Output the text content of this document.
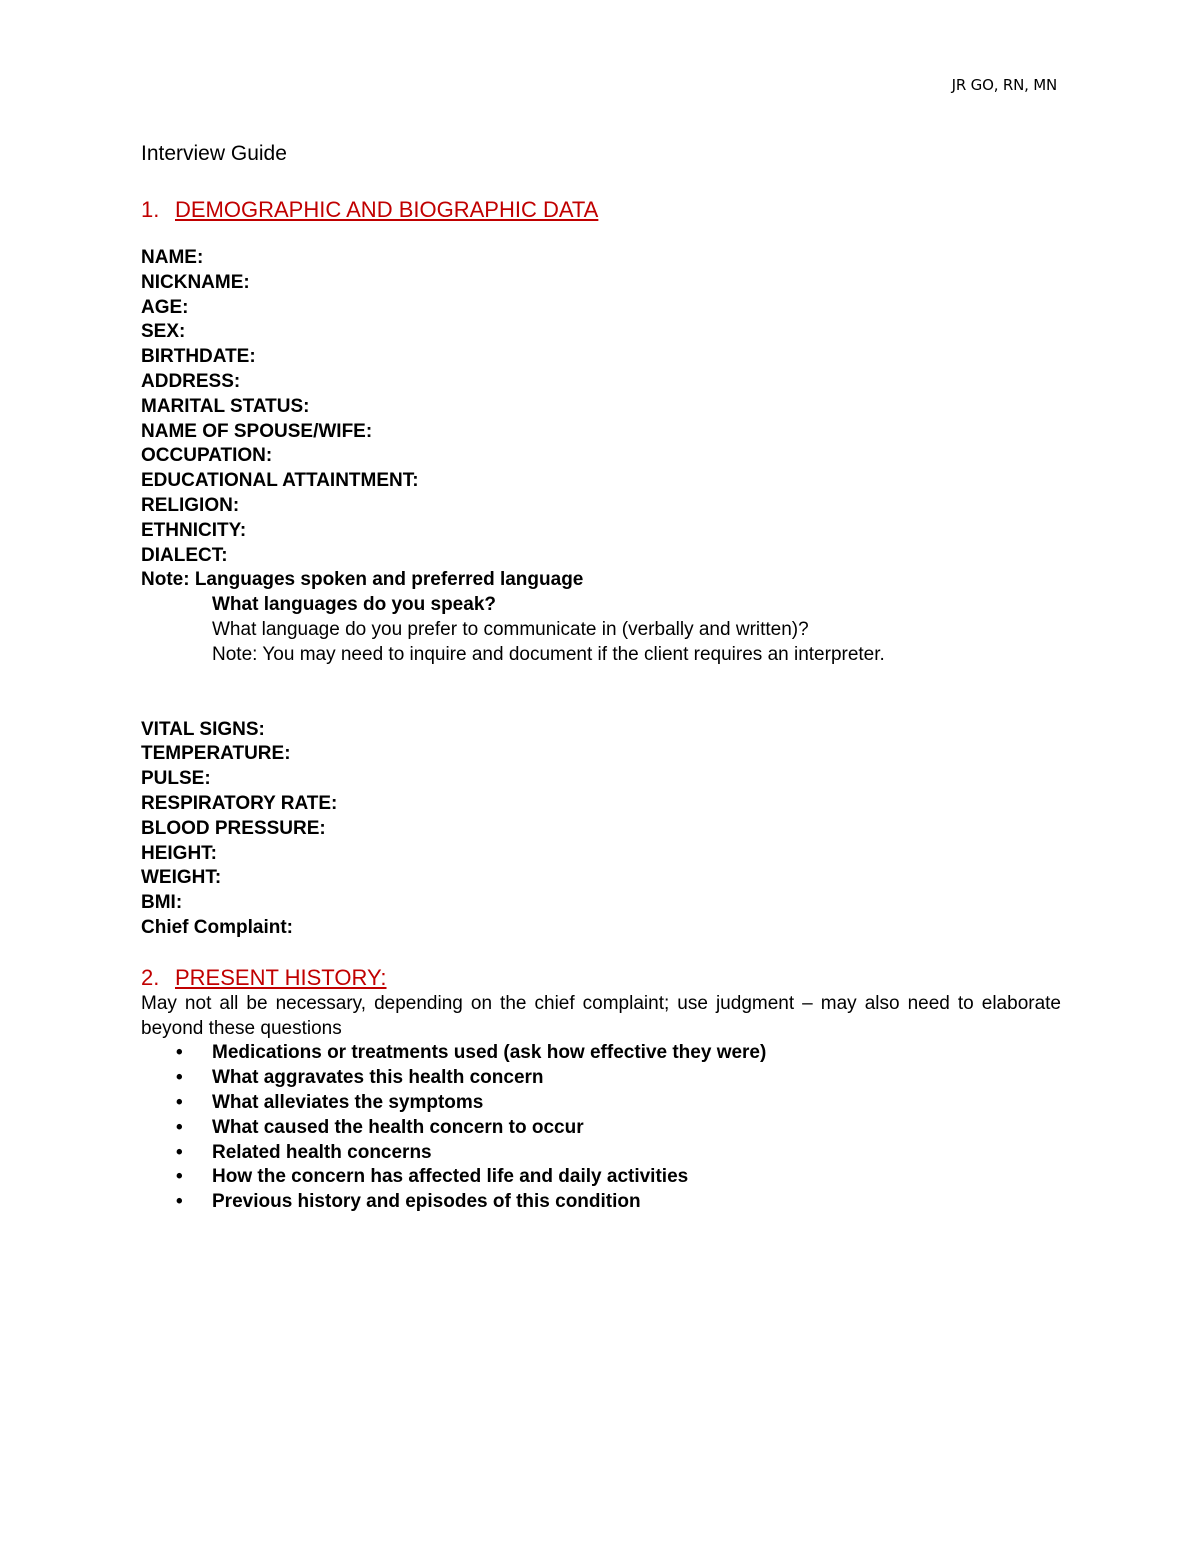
JR GO, RN, MN
Interview Guide
1. DEMOGRAPHIC AND BIOGRAPHIC DATA
NAME:
NICKNAME:
AGE:
SEX:
BIRTHDATE:
ADDRESS:
MARITAL STATUS:
NAME OF SPOUSE/WIFE:
OCCUPATION:
EDUCATIONAL ATTAINTMENT:
RELIGION:
ETHNICITY:
DIALECT:
Note: Languages spoken and preferred language
What languages do you speak?
What language do you prefer to communicate in (verbally and written)?
Note: You may need to inquire and document if the client requires an interpreter.
VITAL SIGNS:
TEMPERATURE:
PULSE:
RESPIRATORY RATE:
BLOOD PRESSURE:
HEIGHT:
WEIGHT:
BMI:
Chief Complaint:
2. PRESENT HISTORY:

May not all be necessary, depending on the chief complaint; use judgment – may also need to elaborate beyond these questions

•	Medications or treatments used (ask how effective they were)
•	What aggravates this health concern
•	What alleviates the symptoms
•	What caused the health concern to occur
•	Related health concerns
•	How the concern has affected life and daily activities
•	Previous history and episodes of this condition
